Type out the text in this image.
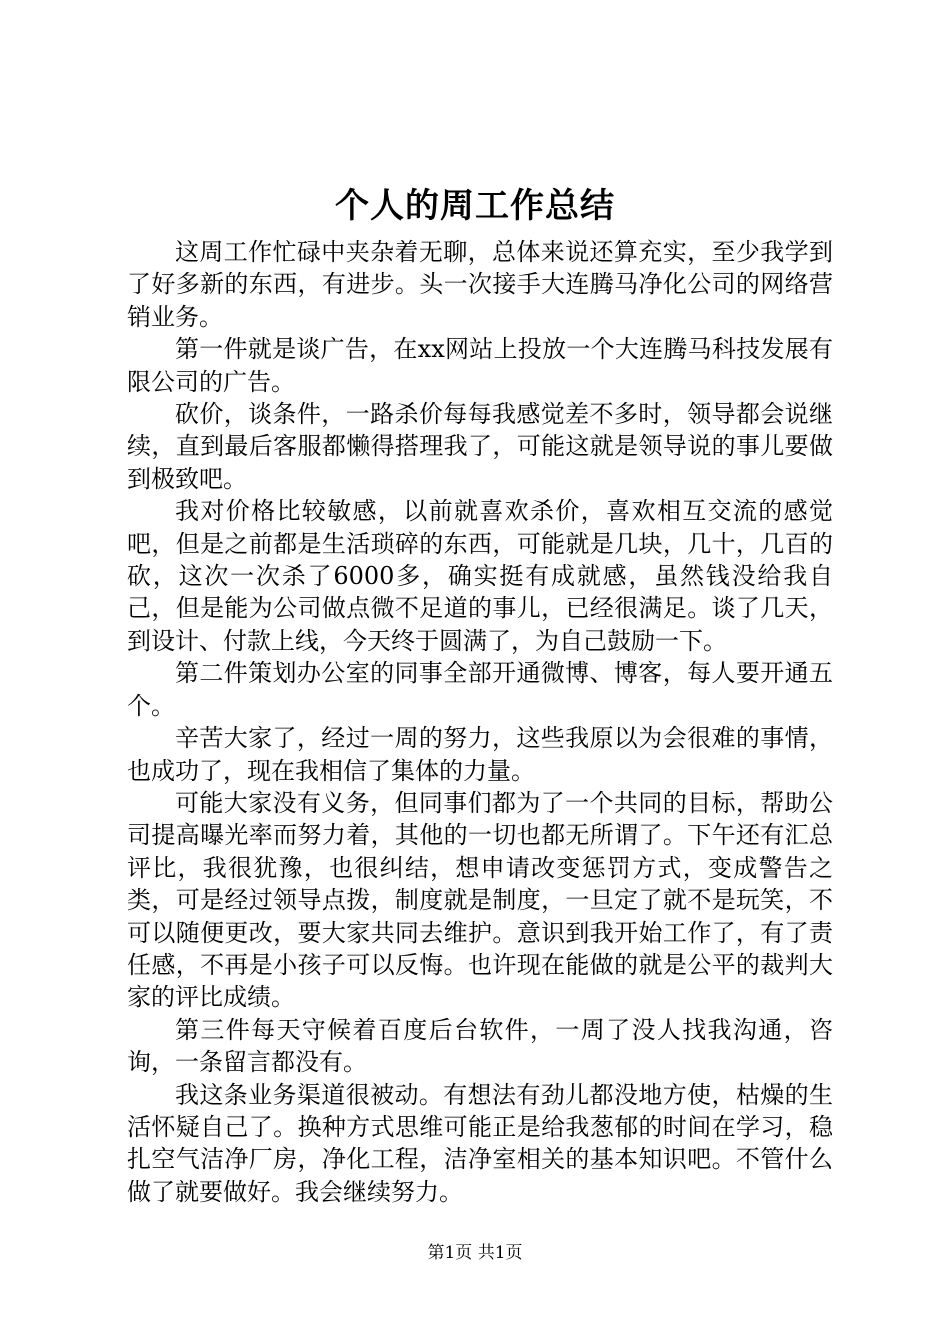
个人的周工作总结

这周工作忙碌中夹杂着无聊，总体来说还算充实，至少我学到了好多新的东西，有进步。头一次接手大连腾马净化公司的网络营销业务。

第一件就是谈广告，在xx网站上投放一个大连腾马科技发展有限公司的广告。

砍价，谈条件，一路杀价每每我感觉差不多时，领导都会说继续，直到最后客服都懒得搭理我了，可能这就是领导说的事儿要做到极致吧。

我对价格比较敏感，以前就喜欢杀价，喜欢相互交流的感觉吧，但是之前都是生活琐碎的东西，可能就是几块，几十，几百的砍，这次一次杀了6000多，确实挺有成就感，虽然钱没给我自己，但是能为公司做点微不足道的事儿，已经很满足。谈了几天，到设计、付款上线，今天终于圆满了，为自己鼓励一下。

第二件策划办公室的同事全部开通微博、博客，每人要开通五个。

辛苦大家了，经过一周的努力，这些我原以为会很难的事情，也成功了，现在我相信了集体的力量。

可能大家没有义务，但同事们都为了一个共同的目标，帮助公司提高曝光率而努力着，其他的一切也都无所谓了。下午还有汇总评比，我很犹豫，也很纠结，想申请改变惩罚方式，变成警告之类，可是经过领导点拨，制度就是制度，一旦定了就不是玩笑，不可以随便更改，要大家共同去维护。意识到我开始工作了，有了责任感，不再是小孩子可以反悔。也许现在能做的就是公平的裁判大家的评比成绩。

第三件每天守候着百度后台软件，一周了没人找我沟通，咨询，一条留言都没有。

我这条业务渠道很被动。有想法有劲儿都没地方使，枯燥的生活怀疑自己了。换种方式思维可能正是给我葱郁的时间在学习，稳扎空气洁净厂房，净化工程，洁净室相关的基本知识吧。不管什么做了就要做好。我会继续努力。

第1页 共1页
